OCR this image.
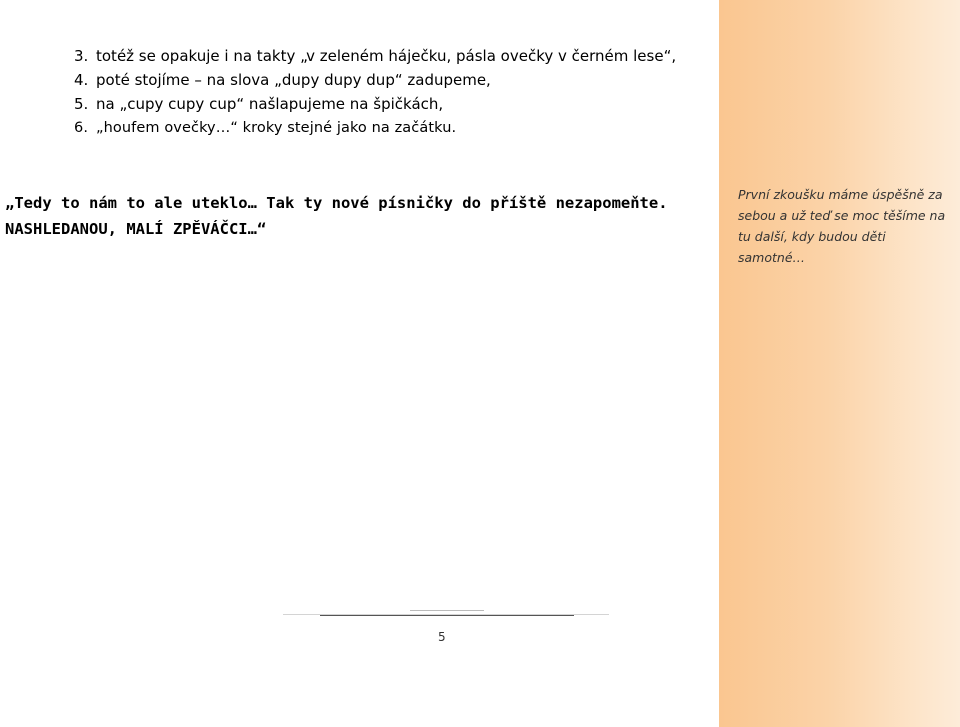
3. totéž se opakuje i na takty „v zeleném háječku, pásla ovečky v černém lese“,
4. poté stojíme – na slova „dupy dupy dup“ zadupeme,
5. na „cupy cupy cup“ našlapujeme na špičkách,
6. „houfem ovečky…“ kroky stejné jako na začátku.

„Tedy to nám to ale uteklo… Tak ty nové písničky do příště nezapomeňte.

NASHLEDANOU, MALÍ ZPĚVÁČCI…“

5

První zkoušku máme úspěšně za sebou a už teď se moc těšíme na tu další, kdy budou děti samotné…
